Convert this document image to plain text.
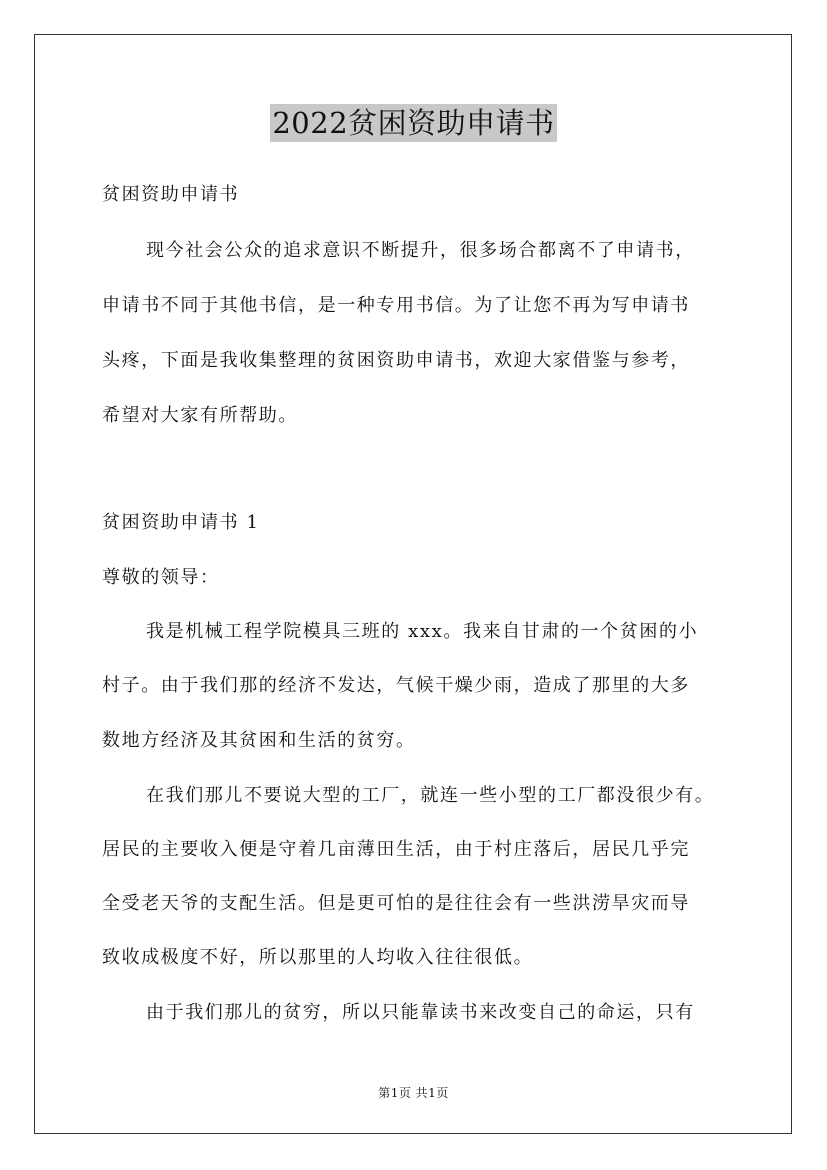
2022贫困资助申请书
贫困资助申请书
现今社会公众的追求意识不断提升，很多场合都离不了申请书，
申请书不同于其他书信，是一种专用书信。为了让您不再为写申请书
头疼，下面是我收集整理的贫困资助申请书，欢迎大家借鉴与参考，
希望对大家有所帮助。
贫困资助申请书 1
尊敬的领导：
我是机械工程学院模具三班的 xxx。我来自甘肃的一个贫困的小
村子。由于我们那的经济不发达，气候干燥少雨，造成了那里的大多
数地方经济及其贫困和生活的贫穷。
在我们那儿不要说大型的工厂，就连一些小型的工厂都没很少有。
居民的主要收入便是守着几亩薄田生活，由于村庄落后，居民几乎完
全受老天爷的支配生活。但是更可怕的是往往会有一些洪涝旱灾而导
致收成极度不好，所以那里的人均收入往往很低。
由于我们那儿的贫穷，所以只能靠读书来改变自己的命运，只有
第1页 共1页
